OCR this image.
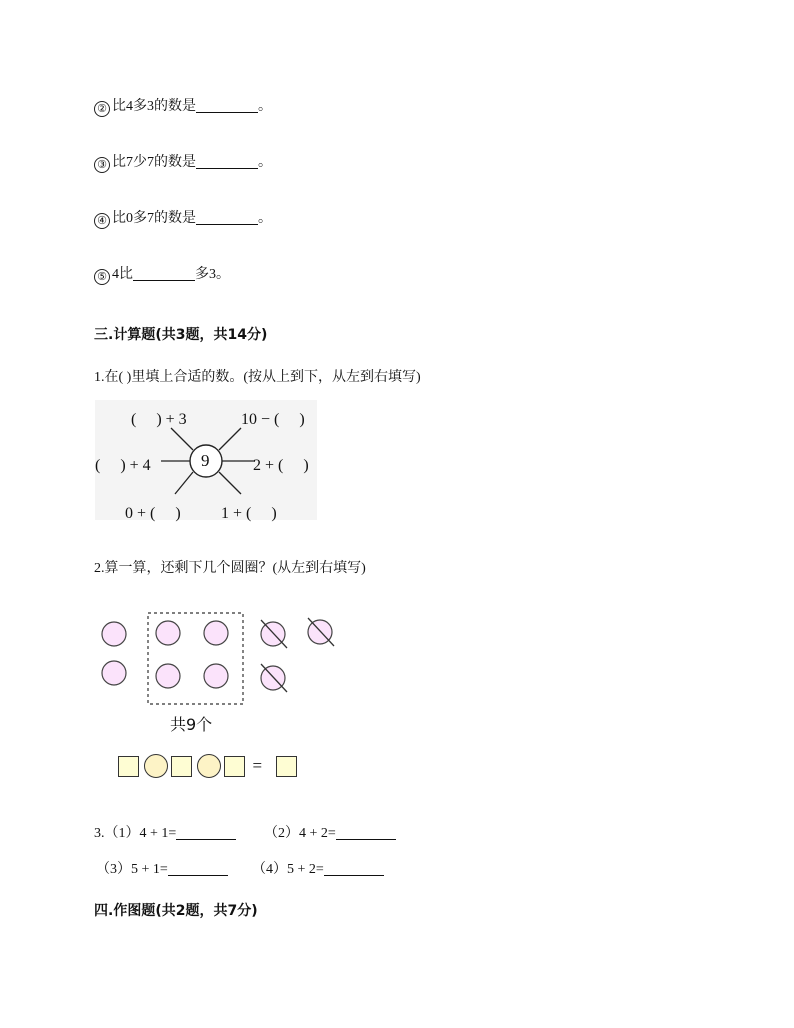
② 比4多3的数是	。
③ 比7少7的数是	。
④ 比0多7的数是	。
⑤ 4比	多3。
三.计算题(共3题，共14分)
1.在( )里填上合适的数。(按从上到下，从左到右填写)
9
(　 ) + 3	10 − (　 )
(　 ) + 4	2 + (　 )
0 + (　 )	1 + (　 )
2.算一算，还剩下几个圆圈？(从左到右填写)
共9个
=
3.（1）4 + 1=	（2）4 + 2=
（3）5 + 1=	（4）5 + 2=
四.作图题(共2题，共7分)
